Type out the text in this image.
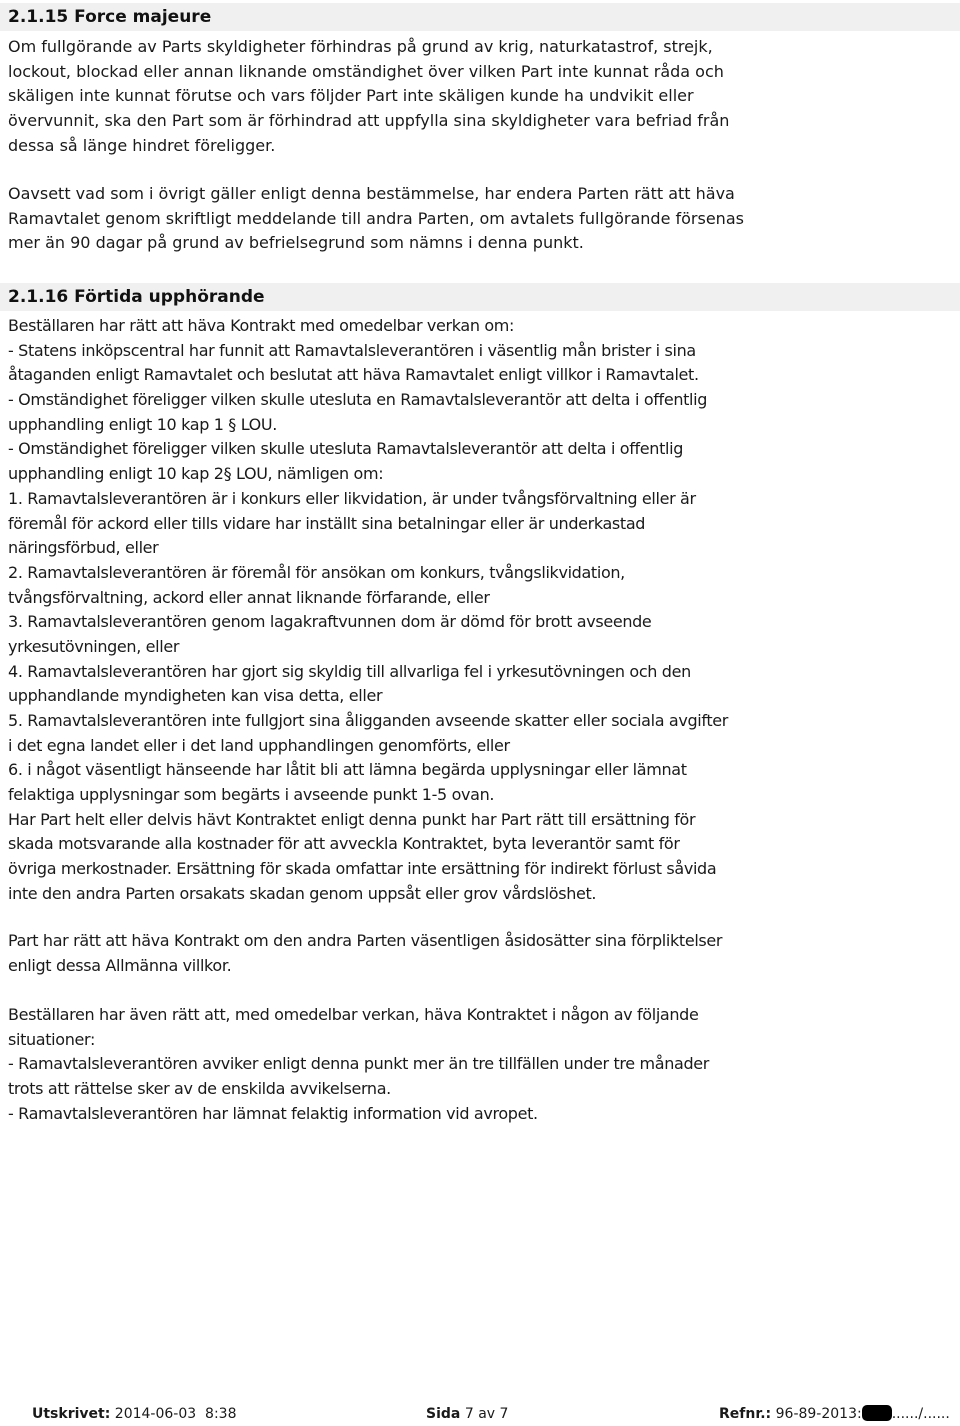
2.1.15 Force majeure
Om fullgörande av Parts skyldigheter förhindras på grund av krig, naturkatastrof, strejk,
lockout, blockad eller annan liknande omständighet över vilken Part inte kunnat råda och
skäligen inte kunnat förutse och vars följder Part inte skäligen kunde ha undvikit eller
övervunnit, ska den Part som är förhindrad att uppfylla sina skyldigheter vara befriad från
dessa så länge hindret föreligger.
Oavsett vad som i övrigt gäller enligt denna bestämmelse, har endera Parten rätt att häva
Ramavtalet genom skriftligt meddelande till andra Parten, om avtalets fullgörande försenas
mer än 90 dagar på grund av befrielsegrund som nämns i denna punkt.
2.1.16 Förtida upphörande
Beställaren har rätt att häva Kontrakt med omedelbar verkan om:
- Statens inköpscentral har funnit att Ramavtalsleverantören i väsentlig mån brister i sina
åtaganden enligt Ramavtalet och beslutat att häva Ramavtalet enligt villkor i Ramavtalet.
- Omständighet föreligger vilken skulle utesluta en Ramavtalsleverantör att delta i offentlig
upphandling enligt 10 kap 1 § LOU.
- Omständighet föreligger vilken skulle utesluta Ramavtalsleverantör att delta i offentlig
upphandling enligt 10 kap 2§ LOU, nämligen om:
1. Ramavtalsleverantören är i konkurs eller likvidation, är under tvångsförvaltning eller är
föremål för ackord eller tills vidare har inställt sina betalningar eller är underkastad
näringsförbud, eller
2. Ramavtalsleverantören är föremål för ansökan om konkurs, tvångslikvidation,
tvångsförvaltning, ackord eller annat liknande förfarande, eller
3. Ramavtalsleverantören genom lagakraftvunnen dom är dömd för brott avseende
yrkesutövningen, eller
4. Ramavtalsleverantören har gjort sig skyldig till allvarliga fel i yrkesutövningen och den
upphandlande myndigheten kan visa detta, eller
5. Ramavtalsleverantören inte fullgjort sina åligganden avseende skatter eller sociala avgifter
i det egna landet eller i det land upphandlingen genomförts, eller
6. i något väsentligt hänseende har låtit bli att lämna begärda upplysningar eller lämnat
felaktiga upplysningar som begärts i avseende punkt 1-5 ovan.
Har Part helt eller delvis hävt Kontraktet enligt denna punkt har Part rätt till ersättning för
skada motsvarande alla kostnader för att avveckla Kontraktet, byta leverantör samt för
övriga merkostnader. Ersättning för skada omfattar inte ersättning för indirekt förlust såvida
inte den andra Parten orsakats skadan genom uppsåt eller grov vårdslöshet.
Part har rätt att häva Kontrakt om den andra Parten väsentligen åsidosätter sina förpliktelser
enligt dessa Allmänna villkor.
Beställaren har även rätt att, med omedelbar verkan, häva Kontraktet i någon av följande
situationer:
- Ramavtalsleverantören avviker enligt denna punkt mer än tre tillfällen under tre månader
trots att rättelse sker av de enskilda avvikelserna.
- Ramavtalsleverantören har lämnat felaktig information vid avropet.
Utskrivet: 2014-06-03  8:38	Sida 7 av 7	Refnr.: 96-89-2013: ....../......
